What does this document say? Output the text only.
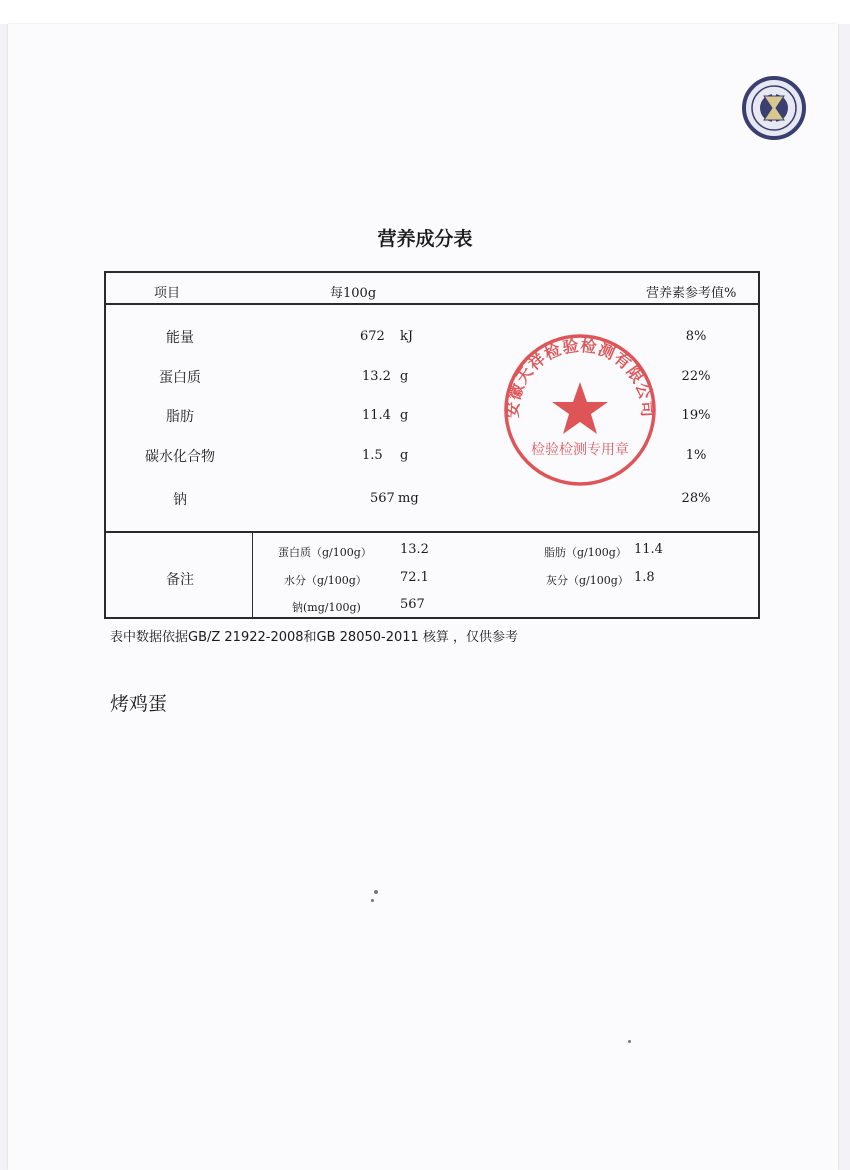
营养成分表
项目	每100g	营养素参考值%
能量	672 kJ	8%
蛋白质	13.2 g	22%
脂肪	11.4 g	19%
碳水化合物	1.5 g	1%
钠	567 mg	28%
备注
蛋白质（g/100g） 13.2	脂肪（g/100g） 11.4
水分（g/100g）	72.1	灰分（g/100g） 1.8
钠(mg/100g)	567
安徽天祥检验检测有限公司
检验检测专用章
表中数据依据GB/Z 21922-2008和GB 28050-2011 核算 ，仅供参考
烤鸡蛋
